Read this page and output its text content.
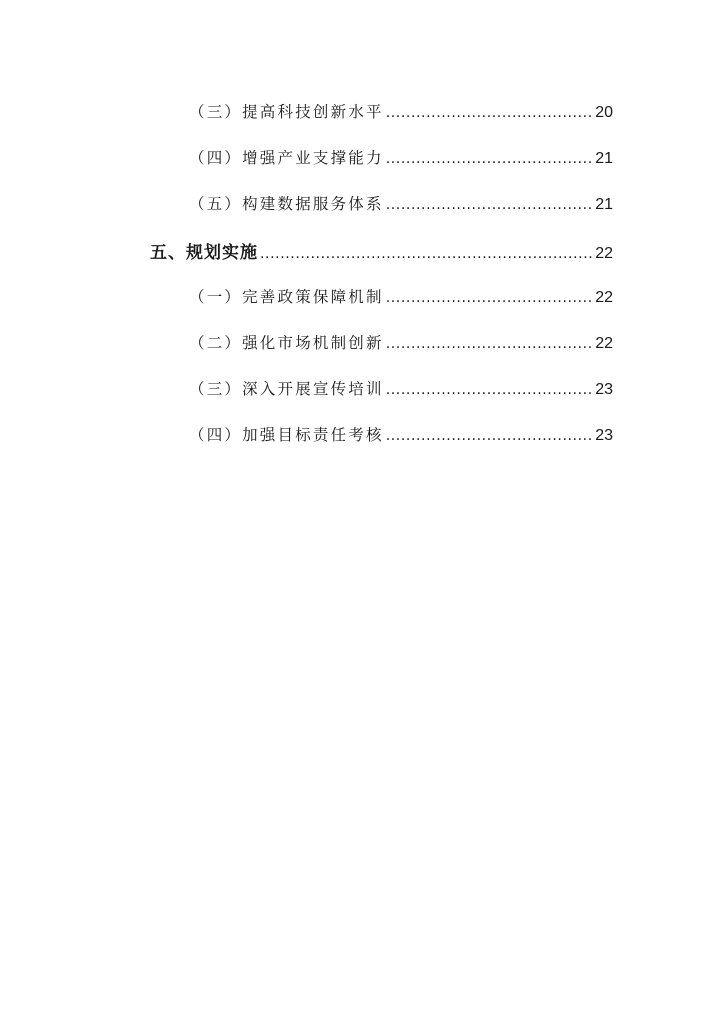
（三）提高科技创新水平 .....	20
（四）增强产业支撑能力 .....	21
（五）构建数据服务体系 .....	21
五、规划实施 .....	22
（一）完善政策保障机制 .....	22
（二）强化市场机制创新 .....	22
（三）深入开展宣传培训 .....	23
（四）加强目标责任考核 .....	23
